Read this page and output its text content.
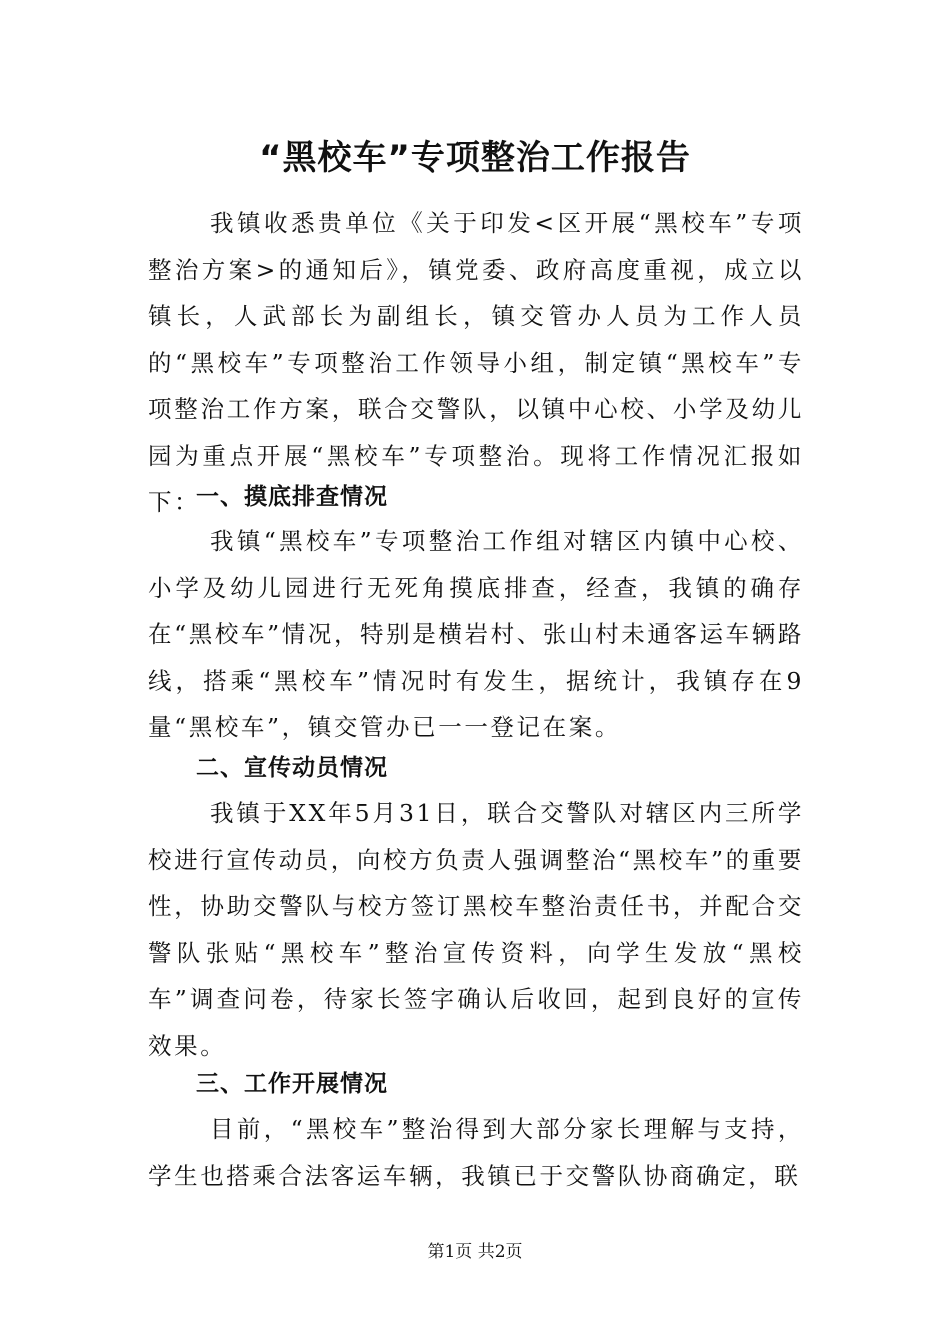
“黑校车”专项整治工作报告

我镇收悉贵单位《关于印发<区开展“黑校车”专项整治方案>的通知后》，镇党委、政府高度重视，成立以镇长，人武部长为副组长，镇交管办人员为工作人员的“黑校车”专项整治工作领导小组，制定镇“黑校车”专项整治工作方案，联合交警队，以镇中心校、小学及幼儿园为重点开展“黑校车”专项整治。现将工作情况汇报如下：

一、摸底排查情况

我镇“黑校车”专项整治工作组对辖区内镇中心校、小学及幼儿园进行无死角摸底排查，经查，我镇的确存在“黑校车”情况，特别是横岩村、张山村未通客运车辆路线，搭乘“黑校车”情况时有发生，据统计，我镇存在9量“黑校车”，镇交管办已一一登记在案。

二、宣传动员情况

我镇于XX年5月31日，联合交警队对辖区内三所学校进行宣传动员，向校方负责人强调整治“黑校车”的重要性，协助交警队与校方签订黑校车整治责任书，并配合交警队张贴“黑校车”整治宣传资料，向学生发放“黑校车”调查问卷，待家长签字确认后收回，起到良好的宣传效果。

三、工作开展情况

目前，“黑校车”整治得到大部分家长理解与支持，学生也搭乘合法客运车辆，我镇已于交警队协商确定，联

第1页 共2页
